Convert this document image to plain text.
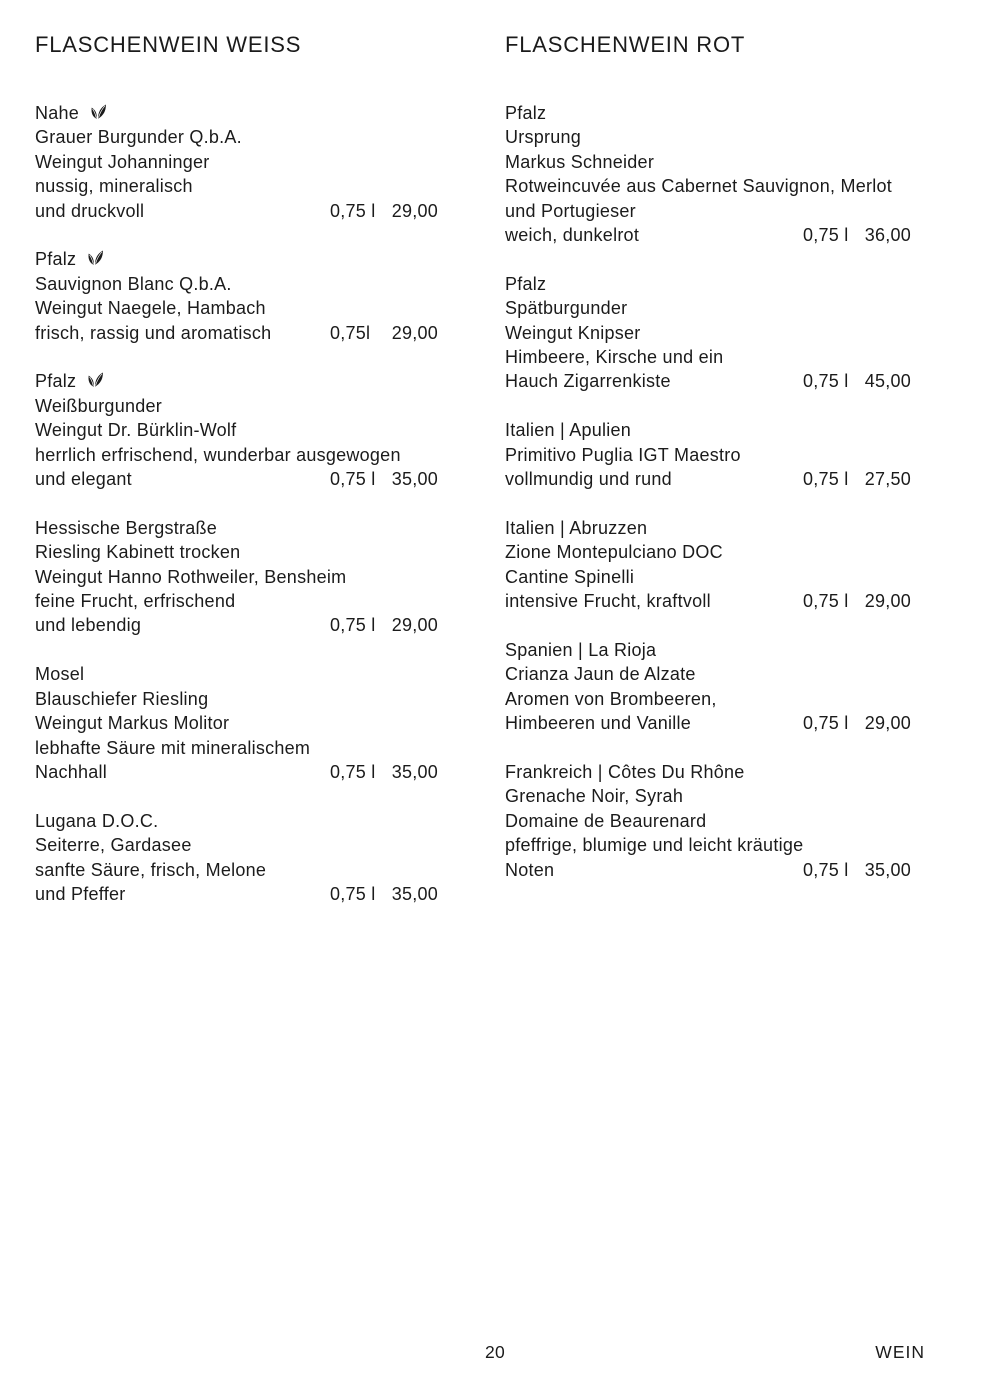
FLASCHENWEIN WEISS
Nahe
Grauer Burgunder Q.b.A.
Weingut Johanninger
nussig, mineralisch
und druckvoll	0,75 l 29,00
Pfalz
Sauvignon Blanc Q.b.A.
Weingut Naegele, Hambach
frisch, rassig und aromatisch	0,75l 29,00
Pfalz
Weißburgunder
Weingut Dr. Bürklin-Wolf
herrlich erfrischend, wunderbar ausgewogen
und elegant	0,75 l 35,00
Hessische Bergstraße
Riesling Kabinett trocken
Weingut Hanno Rothweiler, Bensheim
feine Frucht, erfrischend
und lebendig	0,75 l 29,00
Mosel
Blauschiefer Riesling
Weingut Markus Molitor
lebhafte Säure mit mineralischem
Nachhall	0,75 l 35,00
Lugana D.O.C.
Seiterre, Gardasee
sanfte Säure, frisch, Melone
und Pfeffer	0,75 l 35,00
FLASCHENWEIN ROT
Pfalz
Ursprung
Markus Schneider
Rotweincuvée aus Cabernet Sauvignon, Merlot
und Portugieser
weich, dunkelrot	0,75 l 36,00
Pfalz
Spätburgunder
Weingut Knipser
Himbeere, Kirsche und ein
Hauch Zigarrenkiste	0,75 l 45,00
Italien | Apulien
Primitivo Puglia IGT Maestro
vollmundig und rund	0,75 l 27,50
Italien | Abruzzen
Zione Montepulciano DOC
Cantine Spinelli
intensive Frucht, kraftvoll	0,75 l 29,00
Spanien | La Rioja
Crianza Jaun de Alzate
Aromen von Brombeeren,
Himbeeren und Vanille	0,75 l 29,00
Frankreich | Côtes Du Rhône
Grenache Noir, Syrah
Domaine de Beaurenard
pfeffrige, blumige und leicht kräutige
Noten	0,75 l 35,00
20	WEIN
